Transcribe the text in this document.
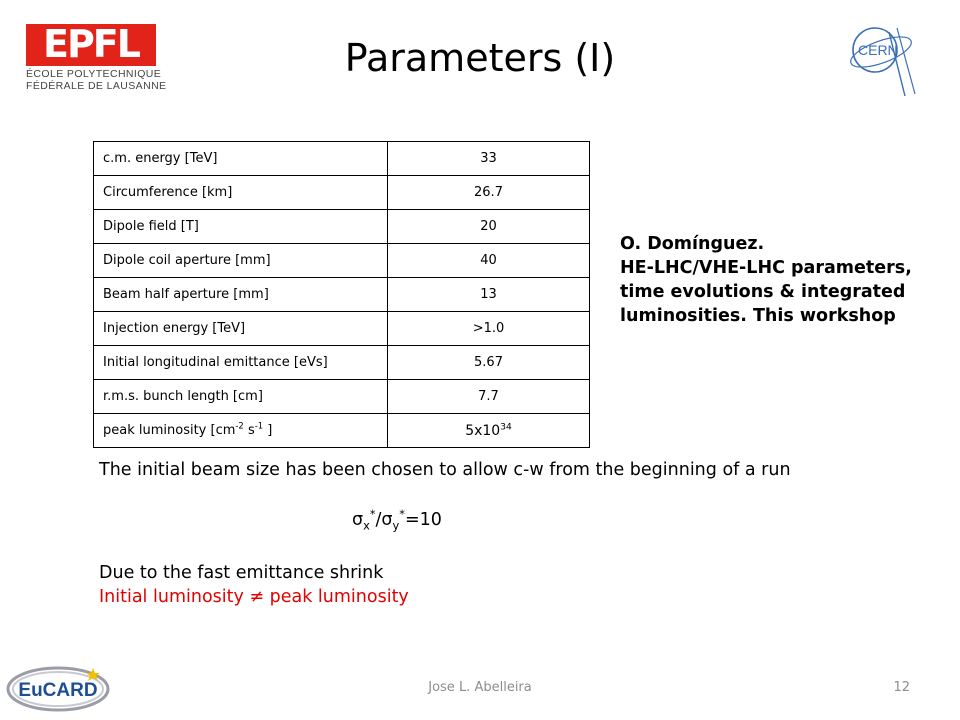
EPFL
ÉCOLE POLYTECHNIQUE
FÉDÉRALE DE LAUSANNE
Parameters (I)	CERN
c.m. energy [TeV]	33
Circumference [km]	26.7
Dipole field [T]	20
Dipole coil aperture [mm]	40
Beam half aperture [mm]	13
Injection energy [TeV]	>1.0
Initial longitudinal emittance [eVs]	5.67
r.m.s. bunch length [cm]	7.7
peak luminosity [$cm^{-2}$ $s^{-1}$ ]	$5x10^{34}$
O. Domínguez.
HE-LHC/VHE-LHC parameters,
time evolutions & integrated
luminosities. This workshop
The initial beam size has been chosen to allow c-w from the beginning of a run
$\sigma_x^*/\sigma_y^*=10$
Due to the fast emittance shrink
Initial luminosity ≠ peak luminosity
EuCARD	Jose L. Abelleira	12
